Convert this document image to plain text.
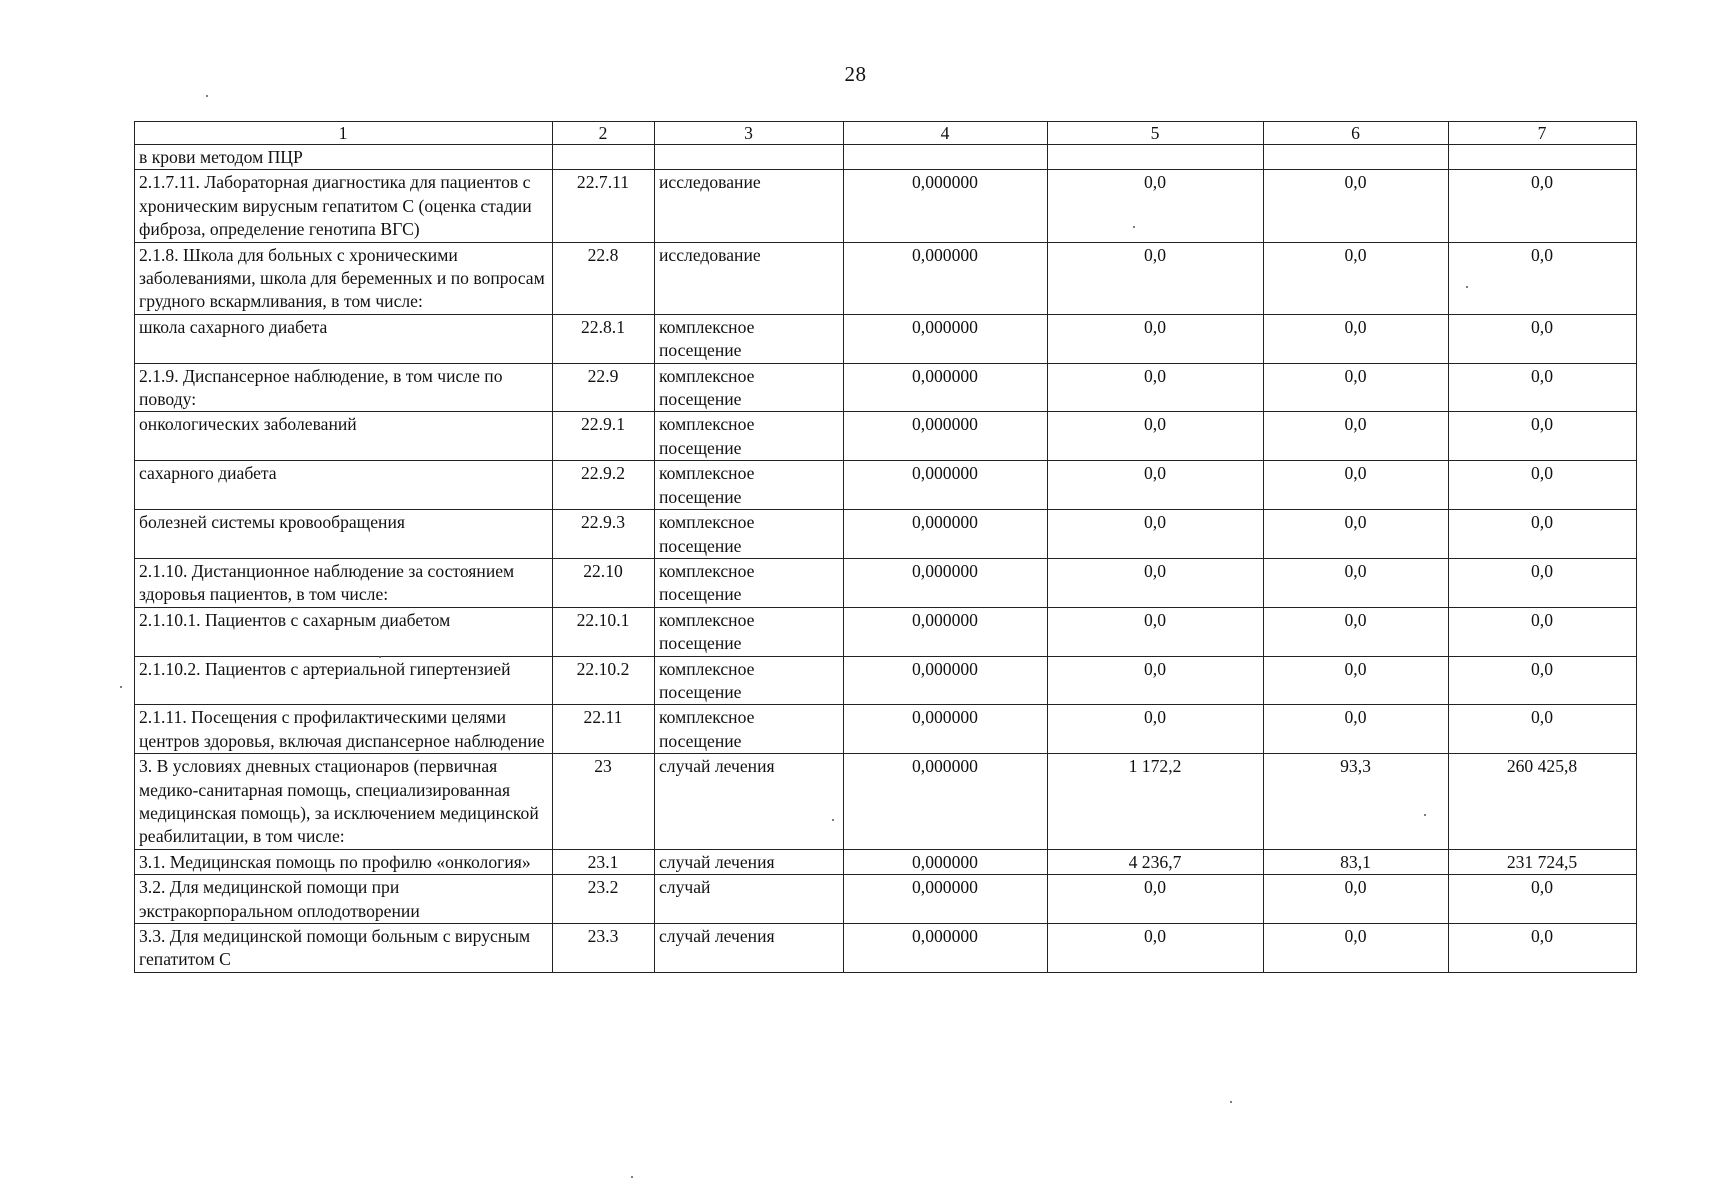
28
1	2	3	4	5	6	7
в крови методом ПЦР						
2.1.7.11. Лабораторная диагностика для пациентов с хроническим вирусным гепатитом С (оценка стадии фиброза, определение генотипа ВГС)	22.7.11	исследование	0,000000	0,0	0,0	0,0
2.1.8. Школа для больных с хроническими заболеваниями, школа для беременных и по вопросам грудного вскармливания, в том числе:	22.8	исследование	0,000000	0,0	0,0	0,0
школа сахарного диабета	22.8.1	комплексное посещение	0,000000	0,0	0,0	0,0
2.1.9. Диспансерное наблюдение, в том числе по поводу:	22.9	комплексное посещение	0,000000	0,0	0,0	0,0
онкологических заболеваний	22.9.1	комплексное посещение	0,000000	0,0	0,0	0,0
сахарного диабета	22.9.2	комплексное посещение	0,000000	0,0	0,0	0,0
болезней системы кровообращения	22.9.3	комплексное посещение	0,000000	0,0	0,0	0,0
2.1.10. Дистанционное наблюдение за состоянием здоровья пациентов, в том числе:	22.10	комплексное посещение	0,000000	0,0	0,0	0,0
2.1.10.1. Пациентов с сахарным диабетом	22.10.1	комплексное посещение	0,000000	0,0	0,0	0,0
2.1.10.2. Пациентов с артериальной гипертензией	22.10.2	комплексное посещение	0,000000	0,0	0,0	0,0
2.1.11. Посещения с профилактическими целями центров здоровья, включая диспансерное наблюдение	22.11	комплексное посещение	0,000000	0,0	0,0	0,0
3. В условиях дневных стационаров (первичная медико-санитарная помощь, специализированная медицинская помощь), за исключением медицинской реабилитации, в том числе:	23	случай лечения	0,000000	1 172,2	93,3	260 425,8
3.1. Медицинская помощь по профилю «онкология»	23.1	случай лечения	0,000000	4 236,7	83,1	231 724,5
3.2. Для медицинской помощи при экстракорпоральном оплодотворении	23.2	случай	0,000000	0,0	0,0	0,0
3.3. Для медицинской помощи больным с вирусным гепатитом С	23.3	случай лечения	0,000000	0,0	0,0	0,0
